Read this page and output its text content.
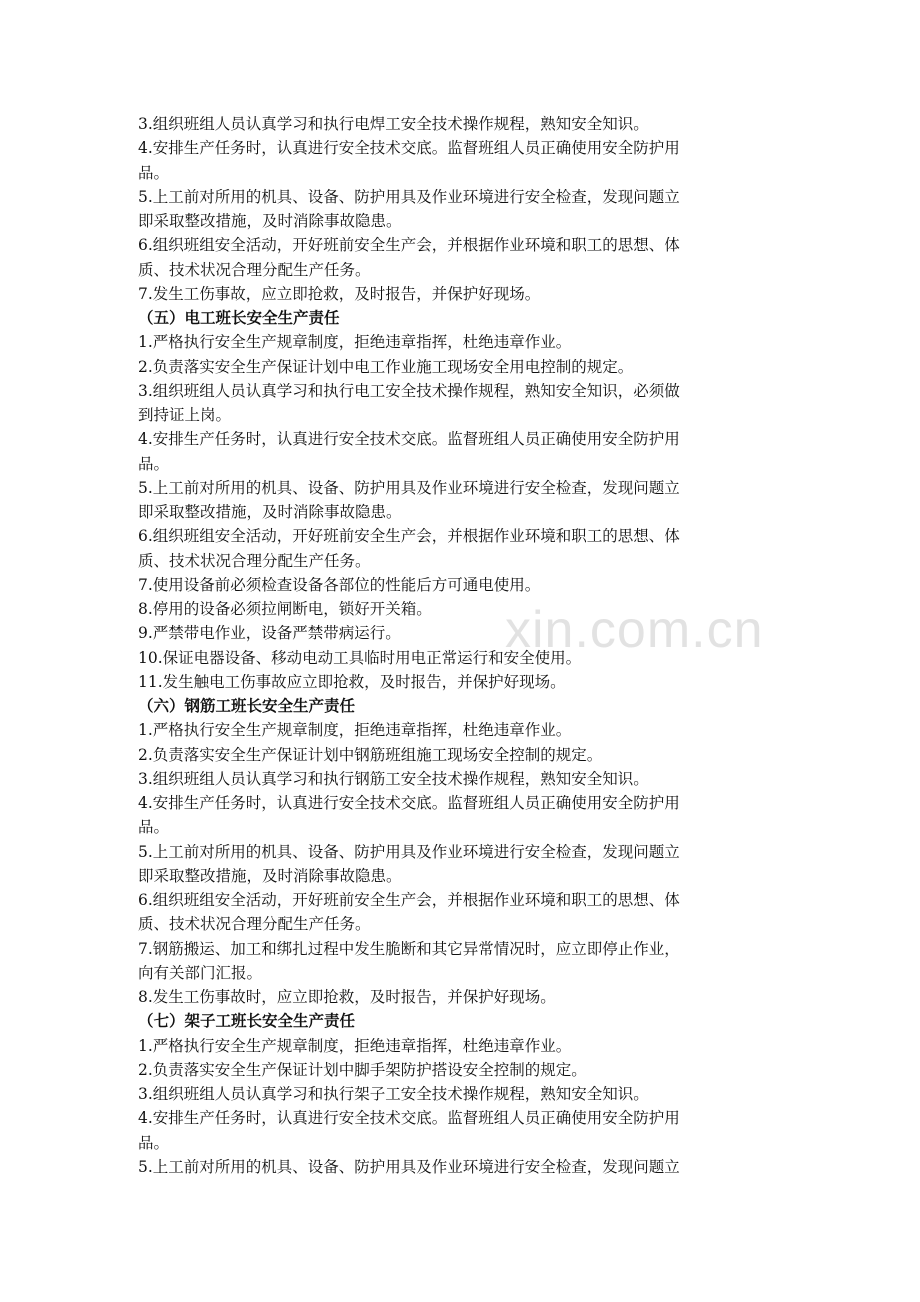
3.组织班组人员认真学习和执行电焊工安全技术操作规程，熟知安全知识。
4.安排生产任务时，认真进行安全技术交底。监督班组人员正确使用安全防护用
品。
5.上工前对所用的机具、设备、防护用具及作业环境进行安全检查，发现问题立
即采取整改措施，及时消除事故隐患。
6.组织班组安全活动，开好班前安全生产会，并根据作业环境和职工的思想、体
质、技术状况合理分配生产任务。
7.发生工伤事故，应立即抢救，及时报告，并保护好现场。
（五）电工班长安全生产责任
1.严格执行安全生产规章制度，拒绝违章指挥，杜绝违章作业。
2.负责落实安全生产保证计划中电工作业施工现场安全用电控制的规定。
3.组织班组人员认真学习和执行电工安全技术操作规程，熟知安全知识，必须做
到持证上岗。
4.安排生产任务时，认真进行安全技术交底。监督班组人员正确使用安全防护用
品。
5.上工前对所用的机具、设备、防护用具及作业环境进行安全检查，发现问题立
即采取整改措施，及时消除事故隐患。
6.组织班组安全活动，开好班前安全生产会，并根据作业环境和职工的思想、体
质、技术状况合理分配生产任务。
7.使用设备前必须检查设备各部位的性能后方可通电使用。
8.停用的设备必须拉闸断电，锁好开关箱。
9.严禁带电作业，设备严禁带病运行。
10.保证电器设备、移动电动工具临时用电正常运行和安全使用。
11.发生触电工伤事故应立即抢救，及时报告，并保护好现场。
（六）钢筋工班长安全生产责任
1.严格执行安全生产规章制度，拒绝违章指挥，杜绝违章作业。
2.负责落实安全生产保证计划中钢筋班组施工现场安全控制的规定。
3.组织班组人员认真学习和执行钢筋工安全技术操作规程，熟知安全知识。
4.安排生产任务时，认真进行安全技术交底。监督班组人员正确使用安全防护用
品。
5.上工前对所用的机具、设备、防护用具及作业环境进行安全检查，发现问题立
即采取整改措施，及时消除事故隐患。
6.组织班组安全活动，开好班前安全生产会，并根据作业环境和职工的思想、体
质、技术状况合理分配生产任务。
7.钢筋搬运、加工和绑扎过程中发生脆断和其它异常情况时，应立即停止作业，
向有关部门汇报。
8.发生工伤事故时，应立即抢救，及时报告，并保护好现场。
（七）架子工班长安全生产责任
1.严格执行安全生产规章制度，拒绝违章指挥，杜绝违章作业。
2.负责落实安全生产保证计划中脚手架防护搭设安全控制的规定。
3.组织班组人员认真学习和执行架子工安全技术操作规程，熟知安全知识。
4.安排生产任务时，认真进行安全技术交底。监督班组人员正确使用安全防护用
品。
5.上工前对所用的机具、设备、防护用具及作业环境进行安全检查，发现问题立
xin.com.cn
